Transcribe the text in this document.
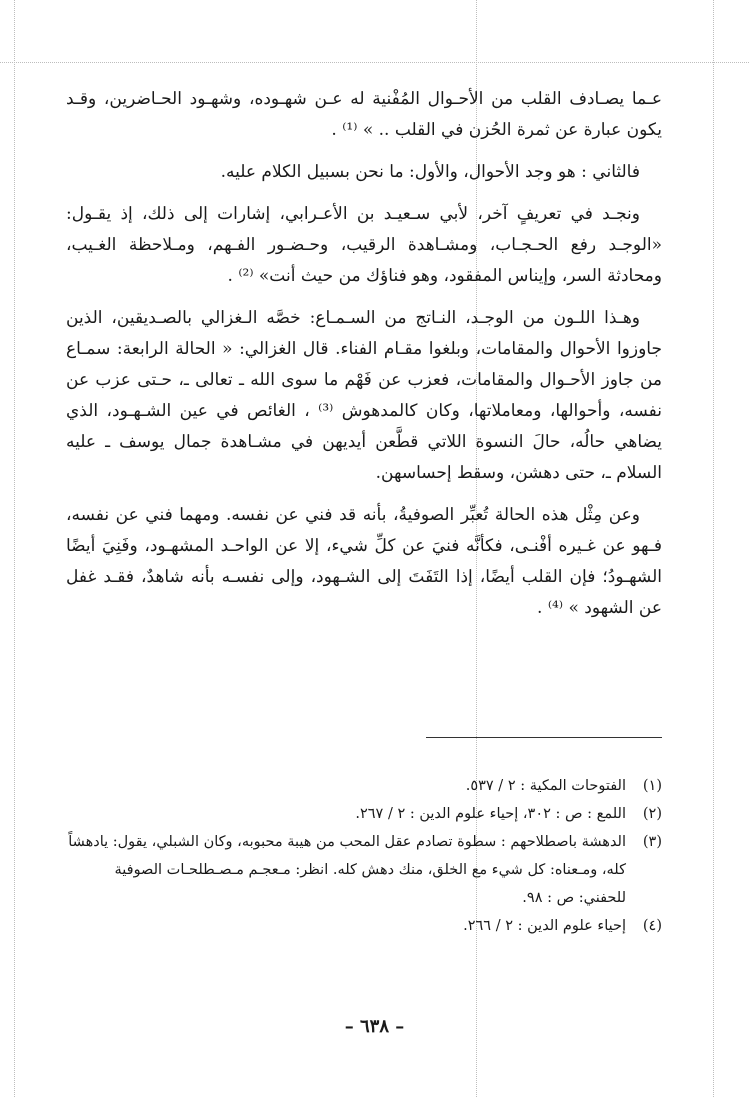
عـما يصـادف القلب من الأحـوال المُفْنية له عـن شهـوده، وشهـود الحـاضرين، وقـد يكون عبارة عن ثمرة الحُزن في القلب .. » ⁽¹⁾ .

فالثاني : هو وجد الأحوال، والأول: ما نحن بسبيل الكلام عليه.

ونجـد في تعريفٍ آخر، لأبي سـعيـد بن الأعـرابي، إشارات إلى ذلك، إذ يقـول: «الوجـد رفع الحـجـاب، ومشـاهدة الرقيب، وحـضـور الفـهم، ومـلاحظة الغـيب، ومحادثة السر، وإيناس المفقود، وهو فناؤك من حيث أنت» ⁽²⁾ .

وهـذا اللـون من الوجـد، النـاتج من السـمـاع: خصَّه الـغزالي بالصـديقين، الذين جاوزوا الأحوال والمقامات، وبلغوا مقـام الفناء. قال الغزالي: « الحالة الرابعة: سمـاع من جاوز الأحـوال والمقامات، فعزب عن فَهْم ما سوى الله ـ تعالى ـ، حـتى عزب عن نفسه، وأحوالها، ومعاملاتها، وكان كالمدهوش ⁽³⁾ ، الغائص في عين الشـهـود، الذي يضاهي حالُه، حالَ النسوة اللاتي قطَّعن أيديهن في مشـاهدة جمال يوسف ـ عليه السلام ـ، حتى دهشن، وسقط إحساسهن.

وعن مِثْل هذه الحالة تُعبِّر الصوفيةُ، بأنه قد فني عن نفسه. ومهما فني عن نفسه، فـهو عن غـيره أفْنـى، فكأنَّه فنيَ عن كلِّ شيء، إلا عن الواحـد المشهـود، وفَنِيَ أيضًا الشهـودُ؛ فإن القلب أيضًا، إذا التَفَتَ إلى الشـهود، وإلى نفسـه بأنه شاهدٌ، فقـد غفل عن الشهود » ⁽⁴⁾ .

(١)
الفتوحات المكية : ٢ / ٥٣٧.
(٢)
اللمع : ص : ٣٠٢، إحياء علوم الدين : ٢ / ٢٦٧.
(٣)
الدهشة باصطلاحهم : سطوة تصادم عقل المحب من هيبة محبوبه، وكان الشبلي، يقول: يادهشاً كله، ومـعناه: كل شيء مع الخلق، منك دهش كله. انظر: مـعجـم مـصـطلحـات الصوفية للحفني: ص : ٩٨.
(٤)
إحياء علوم الدين : ٢ / ٢٦٦.
– ٦٣٨ –
